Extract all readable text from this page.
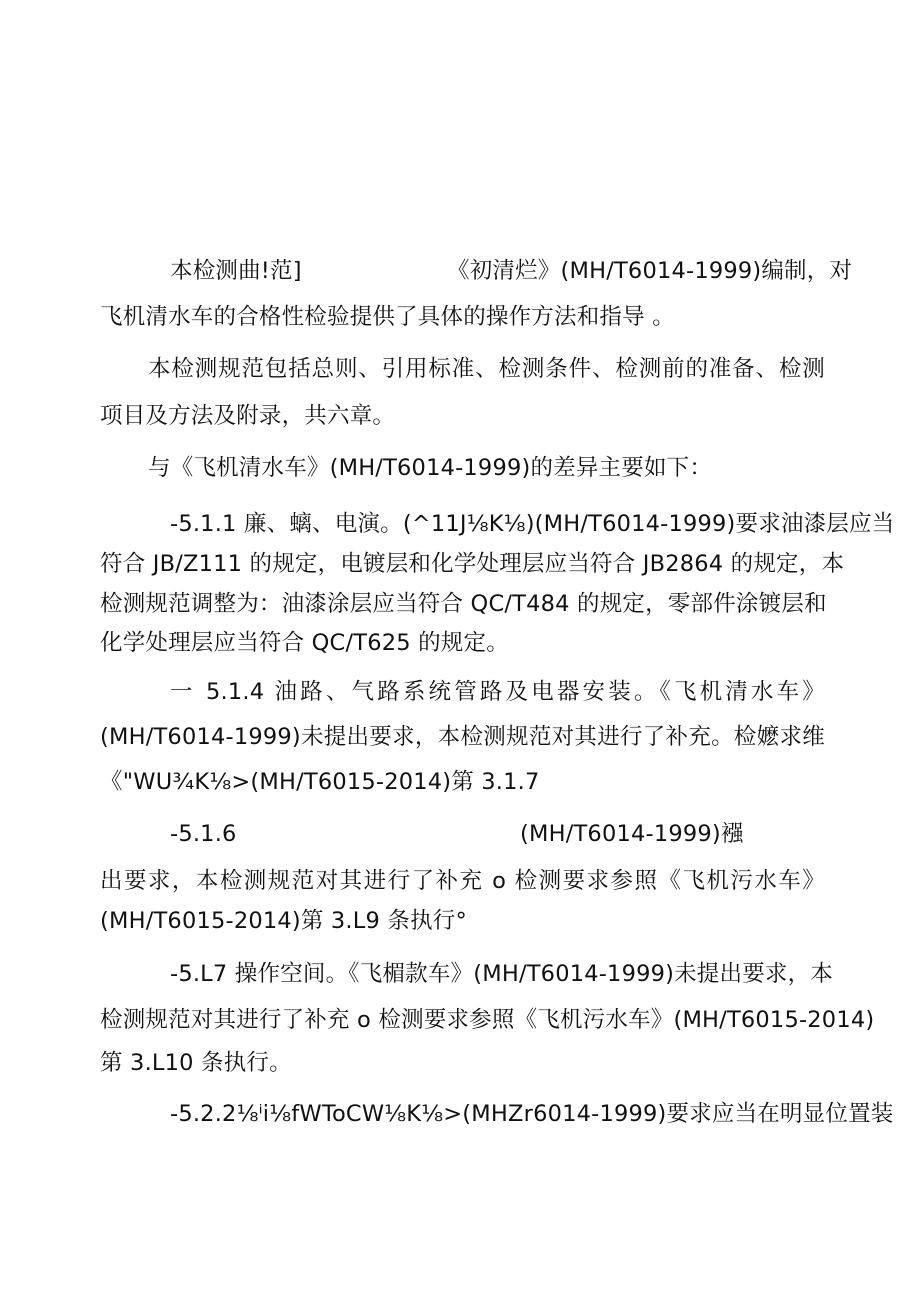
本检测曲!范]	《初清烂》(MH/T6014-1999)编制，对
飞机清水车的合格性检验提供了具体的操作方法和指导 。
本检测规范包括总则、引用标准、检测条件、检测前的准备、检测
项目及方法及附录，共六章。
与《飞机清水车》(MH/T6014-1999)的差异主要如下：
-5.1.1 廉、螭、电演。(^11J⅛K⅛)(MH/T6014-1999)要求油漆层应当
符合 JB/Z111 的规定，电镀层和化学处理层应当符合 JB2864 的规定，本
检测规范调整为：油漆涂层应当符合 QC/T484 的规定，零部件涂镀层和
化学处理层应当符合 QC/T625 的规定。
一 5.1.4 油路、气路系统管路及电器安装。《飞机清水车》
(MH/T6014-1999)未提出要求，本检测规范对其进行了补充。检嬷求维
《"WU¾K⅛>(MH/T6015-2014)第 3.1.7
-5.1.6	(MH/T6014-1999)襁
出要求，本检测规范对其进行了补充 o 检测要求参照《飞机污水车》
(MH/T6015-2014)第 3.L9 条执行°
-5.L7 操作空间。《飞楣款车》(MH/T6014-1999)未提出要求，本
检测规范对其进行了补充 o 检测要求参照《飞机污水车》(MH/T6015-2014)
第 3.L10 条执行。
-5.2.2⅛ⁱi⅛fWToCW⅛K⅛>(MHZr6014-1999)要求应当在明显位置装
